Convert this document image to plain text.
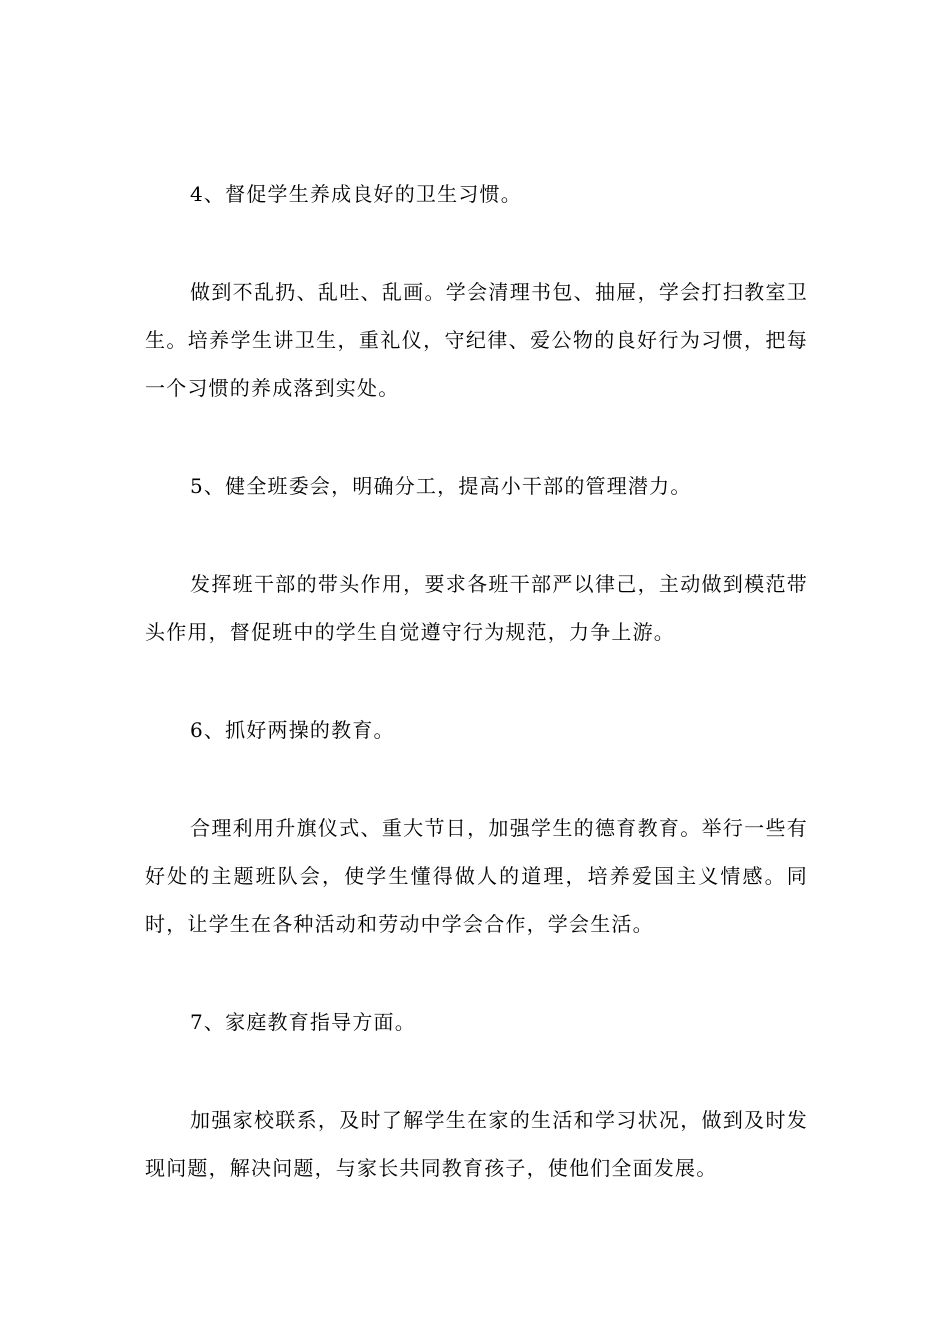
4、督促学生养成良好的卫生习惯。

做到不乱扔、乱吐、乱画。学会清理书包、抽屉，学会打扫教室卫生。培养学生讲卫生，重礼仪，守纪律、爱公物的良好行为习惯，把每一个习惯的养成落到实处。

5、健全班委会，明确分工，提高小干部的管理潜力。

发挥班干部的带头作用，要求各班干部严以律己，主动做到模范带头作用，督促班中的学生自觉遵守行为规范，力争上游。

6、抓好两操的教育。

合理利用升旗仪式、重大节日，加强学生的德育教育。举行一些有好处的主题班队会，使学生懂得做人的道理，培养爱国主义情感。同时，让学生在各种活动和劳动中学会合作，学会生活。

7、家庭教育指导方面。

加强家校联系，及时了解学生在家的生活和学习状况，做到及时发现问题，解决问题，与家长共同教育孩子，使他们全面发展。
